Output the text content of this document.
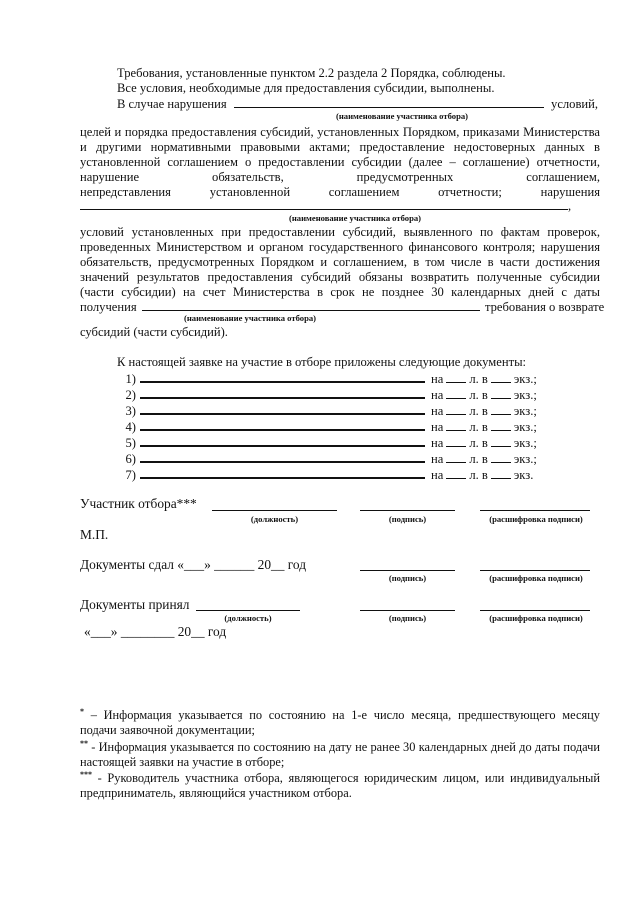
Требования, установленные пунктом 2.2 раздела 2 Порядка, соблюдены.
Все условия, необходимые для предоставления субсидии, выполнены.
В случае нарушения	условий,
(наименование участника отбора)
целей и порядка предоставления субсидий, установленных Порядком, приказами Министерства
и другими нормативными правовыми актами; предоставление недостоверных данных в
установленной соглашением о предоставлении субсидии (далее – соглашение) отчетности,
нарушение обязательств, предусмотренных соглашением,
непредставления установленной соглашением отчетности; нарушения
,
(наименование участника отбора)
условий установленных при предоставлении субсидий, выявленного по фактам проверок,
проведенных Министерством и органом государственного финансового контроля; нарушения
обязательств, предусмотренных Порядком и соглашением, в том числе в части достижения
значений результатов предоставления субсидий обязаны возвратить полученные субсидии
(части субсидии) на счет Министерства в срок не позднее 30 календарных дней с даты
получения	требования о возврате
(наименование участника отбора)
субсидий (части субсидий).
К настоящей заявке на участие в отборе приложены следующие документы:
1)	на л. в экз.;
2)	на л. в экз.;
3)	на л. в экз.;
4)	на л. в экз.;
5)	на л. в экз.;
6)	на л. в экз.;
7)	на л. в экз.
Участник отбора***
(должность)	(подпись)	(расшифровка подписи)
М.П.
Документы сдал «___» ______ 20__ год
(подпись)	(расшифровка подписи)
Документы принял
(должность)	(подпись)	(расшифровка подписи)
«___» ________ 20__ год
* – Информация указывается по состоянию на 1-е число месяца, предшествующего месяцу подачи заявочной документации;
** - Информация указывается по состоянию на дату не ранее 30 календарных дней до даты подачи настоящей заявки на участие в отборе;
*** - Руководитель участника отбора, являющегося юридическим лицом, или индивидуальный предприниматель, являющийся участником отбора.
